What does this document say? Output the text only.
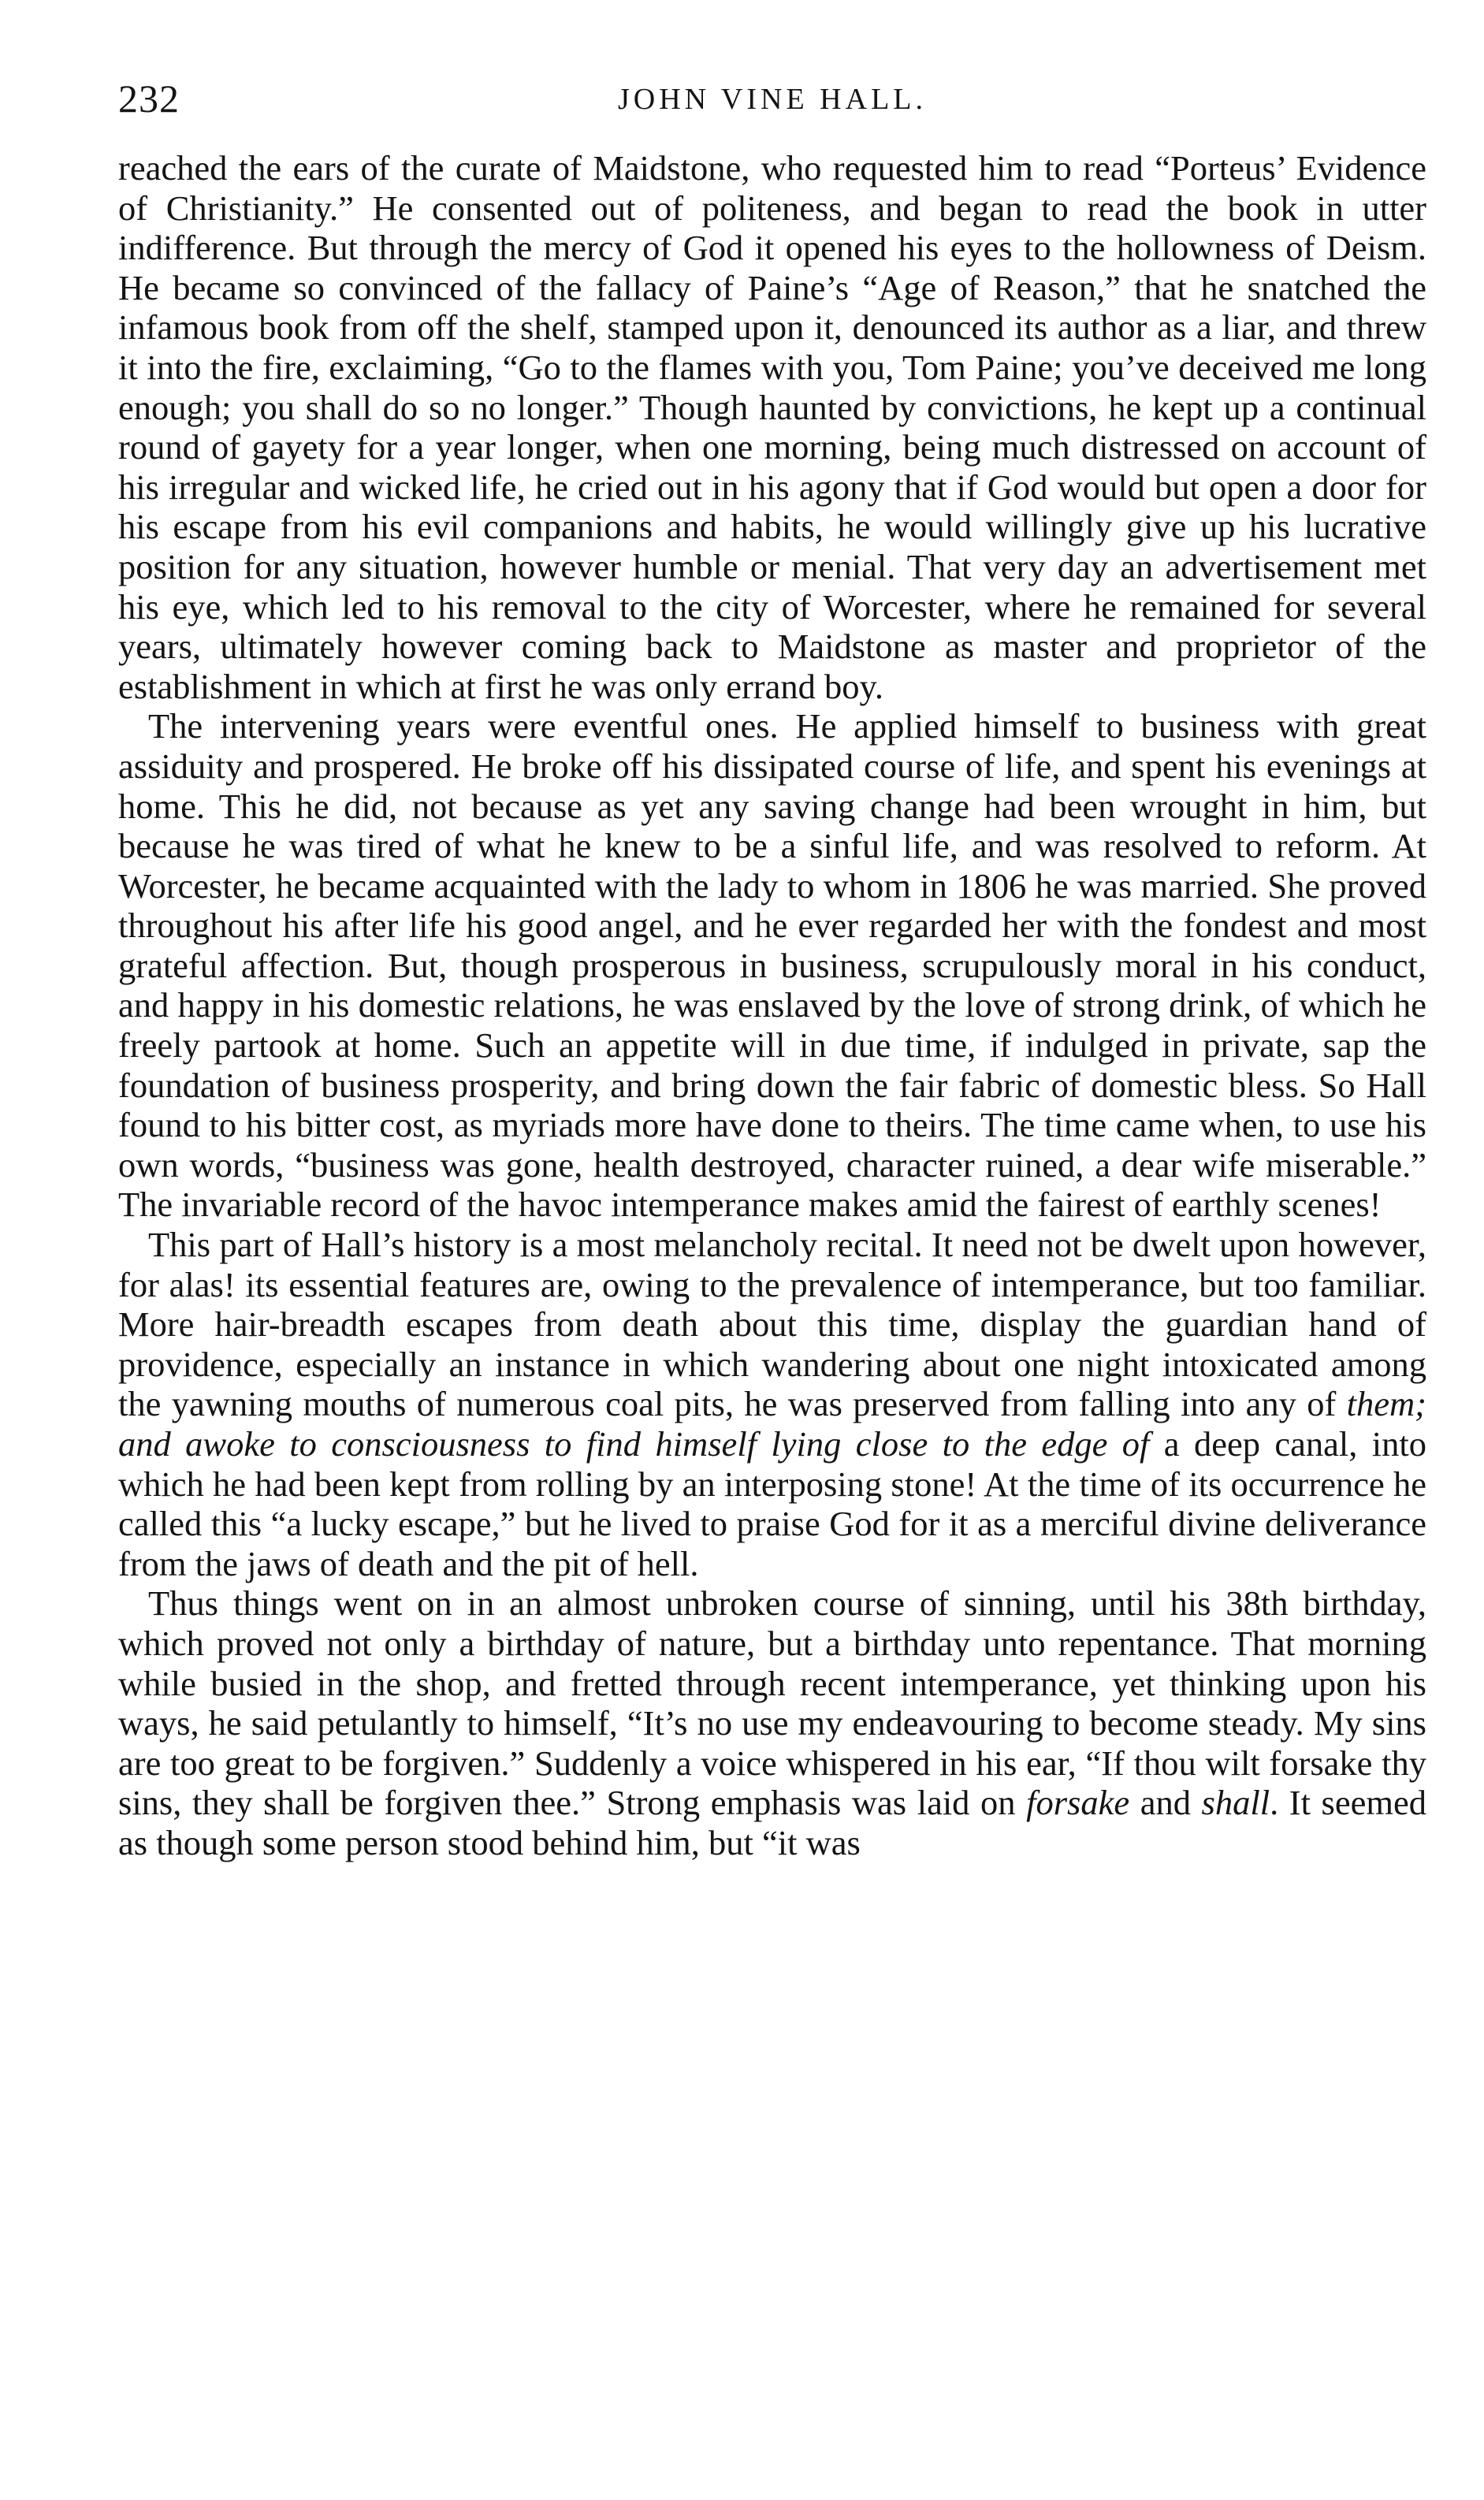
232	JOHN VINE HALL.

reached the ears of the curate of Maidstone, who requested him to read “Porteus’ Evidence of Christianity.” He consented out of politeness, and began to read the book in utter indifference. But through the mercy of God it opened his eyes to the hollowness of Deism. He became so convinced of the fallacy of Paine’s “Age of Reason,” that he snatched the infamous book from off the shelf, stamped upon it, denounced its author as a liar, and threw it into the fire, exclaiming, “Go to the flames with you, Tom Paine; you’ve deceived me long enough; you shall do so no longer.” Though haunted by convictions, he kept up a continual round of gayety for a year longer, when one morning, being much distressed on account of his irregular and wicked life, he cried out in his agony that if God would but open a door for his escape from his evil companions and habits, he would willingly give up his lucrative position for any situation, however humble or menial. That very day an advertisement met his eye, which led to his removal to the city of Worcester, where he remained for several years, ultimately however coming back to Maidstone as master and proprietor of the establishment in which at first he was only errand boy.

The intervening years were eventful ones. He applied himself to business with great assiduity and prospered. He broke off his dissipated course of life, and spent his evenings at home. This he did, not because as yet any saving change had been wrought in him, but because he was tired of what he knew to be a sinful life, and was resolved to reform. At Worcester, he became acquainted with the lady to whom in 1806 he was married. She proved throughout his after life his good angel, and he ever regarded her with the fondest and most grateful affection. But, though prosperous in business, scrupulously moral in his conduct, and happy in his domestic relations, he was enslaved by the love of strong drink, of which he freely partook at home. Such an appetite will in due time, if indulged in private, sap the foundation of business prosperity, and bring down the fair fabric of domestic bless. So Hall found to his bitter cost, as myriads more have done to theirs. The time came when, to use his own words, “business was gone, health destroyed, character ruined, a dear wife miserable.” The invariable record of the havoc intemperance makes amid the fairest of earthly scenes!

This part of Hall’s history is a most melancholy recital. It need not be dwelt upon however, for alas! its essential features are, owing to the prevalence of intemperance, but too familiar. More hair-breadth escapes from death about this time, display the guardian hand of providence, especially an instance in which wandering about one night intoxicated among the yawning mouths of numerous coal pits, he was preserved from falling into any of them; and awoke to consciousness to find himself lying close to the edge of a deep canal, into which he had been kept from rolling by an interposing stone! At the time of its occurrence he called this “a lucky escape,” but he lived to praise God for it as a merciful divine deliverance from the jaws of death and the pit of hell.

Thus things went on in an almost unbroken course of sinning, until his 38th birthday, which proved not only a birthday of nature, but a birthday unto repentance. That morning while busied in the shop, and fretted through recent intemperance, yet thinking upon his ways, he said petulantly to himself, “It’s no use my endeavouring to become steady. My sins are too great to be forgiven.” Suddenly a voice whispered in his ear, “If thou wilt forsake thy sins, they shall be forgiven thee.” Strong emphasis was laid on forsake and shall. It seemed as though some person stood behind him, but “it was
